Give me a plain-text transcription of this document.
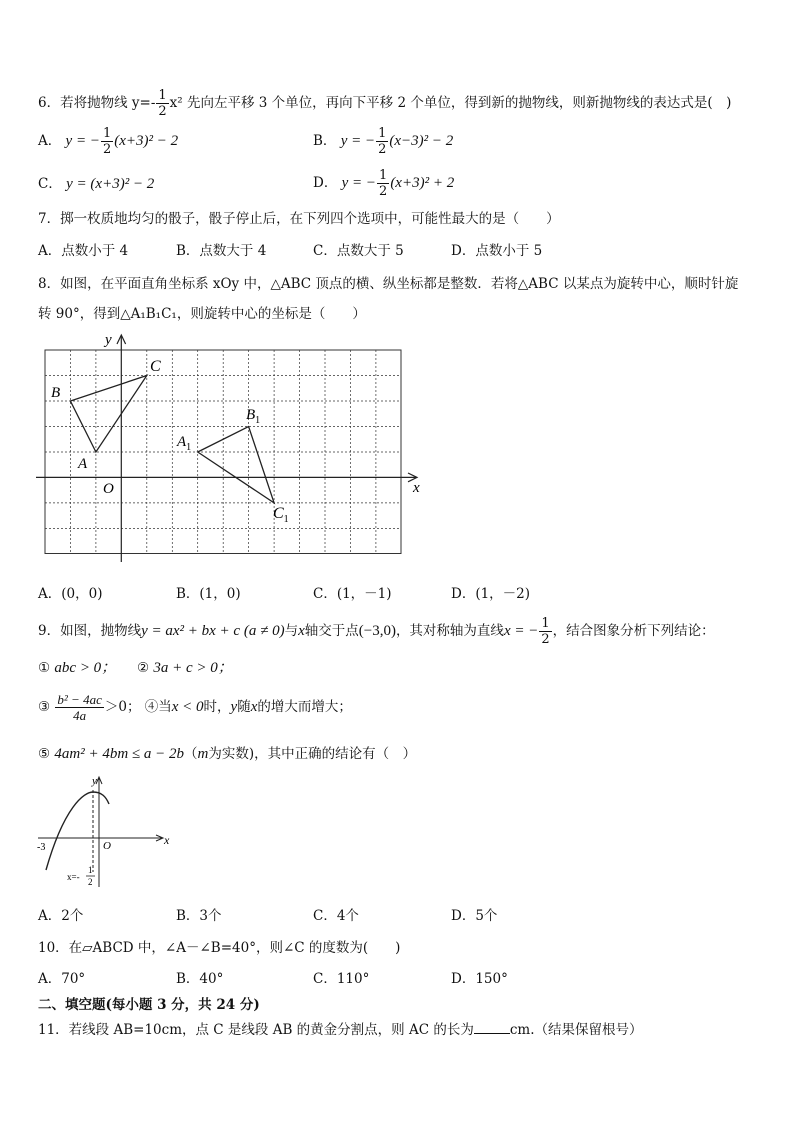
6．若将抛物线 $y=- \frac{1}{2} x^2$ 先向左平移 3 个单位，再向下平移 2 个单位，得到新的抛物线，则新抛物线的表达式是(　)
A． y = − $\frac{1}{2} (x+3)^2 - 2$	B． y = − $\frac{1}{2} (x-3)^2 - 2$
C． y = (x+3)² − 2	D． y = − $\frac{1}{2} (x+3)^2 + 2$
7．掷一枚质地均匀的骰子，骰子停止后，在下列四个选项中，可能性最大的是（　　）
A．点数小于 4	B．点数大于 4	C．点数大于 5	D．点数小于 5
8．如图，在平面直角坐标系 xOy 中，△ABC 顶点的横、纵坐标都是整数．若将△ABC 以某点为旋转中心，顺时针旋
转 90°，得到△A₁B₁C₁，则旋转中心的坐标是（　　）
x
y
O
A
B
C
$A_1$
$B_1$
$C_1$
A．(0，0)	B．(1，0)	C．(1，－1)	D．(1，－2)
9．如图，抛物线y = ax² + bx + c (a ≠ 0)与x轴交于点(−3,0)，其对称轴为直线x = − $\frac{1}{2}$ ，结合图象分析下列结论：
① abc > 0； ② 3a + c > 0；
③ $\frac{\text{b² − 4ac}}{4a} >0$； ④当x < 0时，y随x的增大而增大；
⑤ 4am² + 4bm ≤ a − 2b（m为实数)，其中正确的结论有（　）
x
y
O
-3
x=-
1
2
A．2个	B．3个	C．4个	D．5个
10．在▱ABCD 中，∠A－∠B=40°，则∠C 的度数为(　　)
A．70°	B．40°	C．110°	D．150°
二、填空题(每小题 3 分，共 24 分)
11．若线段 AB=10cm，点 C 是线段 AB 的黄金分割点，则 AC 的长为	cm.（结果保留根号）
